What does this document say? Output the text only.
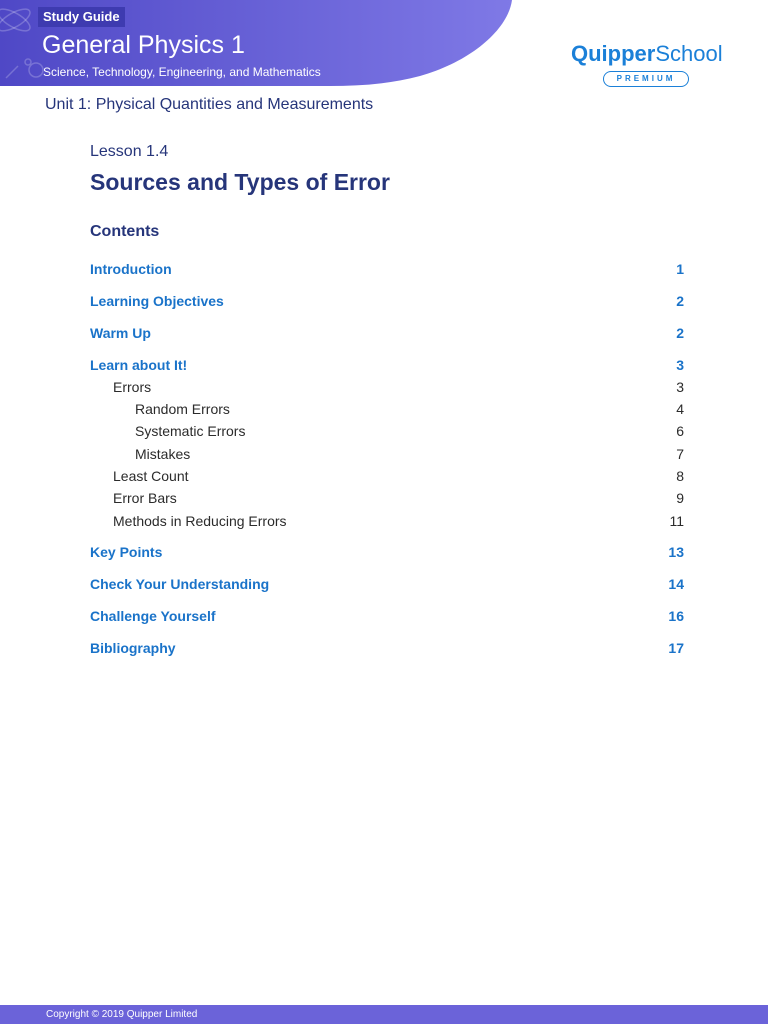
Study Guide
General Physics 1
Science, Technology, Engineering, and Mathematics
QuipperSchool
PREMIUM
Unit 1: Physical Quantities and Measurements
Lesson 1.4
Sources and Types of Error
Contents
Introduction	1
Learning Objectives	2
Warm Up	2
Learn about It!	3
Errors	3
Random Errors	4
Systematic Errors	6
Mistakes	7
Least Count	8
Error Bars	9
Methods in Reducing Errors	11
Key Points	13
Check Your Understanding	14
Challenge Yourself	16
Bibliography	17
Copyright © 2019 Quipper Limited
